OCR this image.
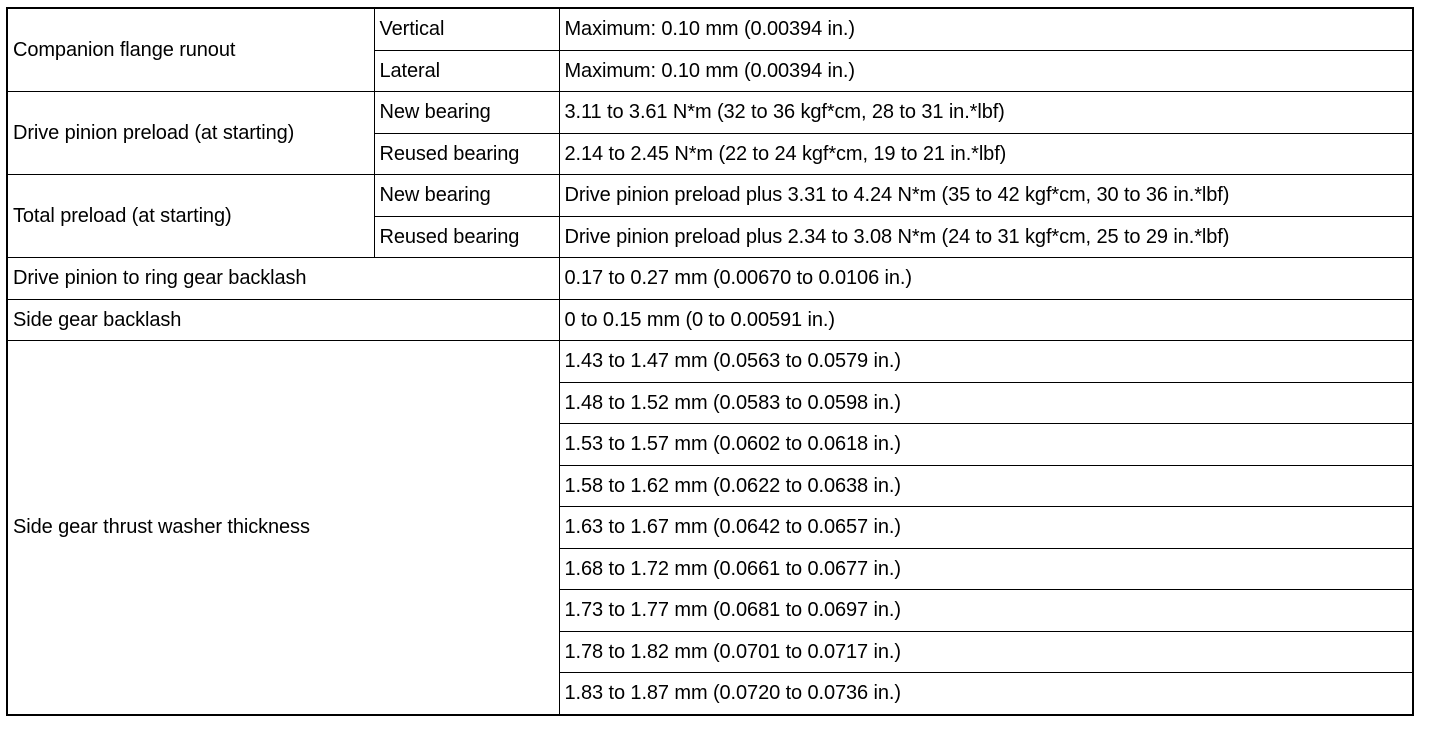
Companion flange runout	Vertical	Maximum: 0.10 mm (0.00394 in.)
	Lateral	Maximum: 0.10 mm (0.00394 in.)
Drive pinion preload (at starting)	New bearing	3.11 to 3.61 N*m (32 to 36 kgf*cm, 28 to 31 in.*lbf)
	Reused bearing	2.14 to 2.45 N*m (22 to 24 kgf*cm, 19 to 21 in.*lbf)
Total preload (at starting)	New bearing	Drive pinion preload plus 3.31 to 4.24 N*m (35 to 42 kgf*cm, 30 to 36 in.*lbf)
	Reused bearing	Drive pinion preload plus 2.34 to 3.08 N*m (24 to 31 kgf*cm, 25 to 29 in.*lbf)
Drive pinion to ring gear backlash		0.17 to 0.27 mm (0.00670 to 0.0106 in.)
Side gear backlash		0 to 0.15 mm (0 to 0.00591 in.)
Side gear thrust washer thickness		1.43 to 1.47 mm (0.0563 to 0.0579 in.)
		1.48 to 1.52 mm (0.0583 to 0.0598 in.)
		1.53 to 1.57 mm (0.0602 to 0.0618 in.)
		1.58 to 1.62 mm (0.0622 to 0.0638 in.)
		1.63 to 1.67 mm (0.0642 to 0.0657 in.)
		1.68 to 1.72 mm (0.0661 to 0.0677 in.)
		1.73 to 1.77 mm (0.0681 to 0.0697 in.)
		1.78 to 1.82 mm (0.0701 to 0.0717 in.)
		1.83 to 1.87 mm (0.0720 to 0.0736 in.)
